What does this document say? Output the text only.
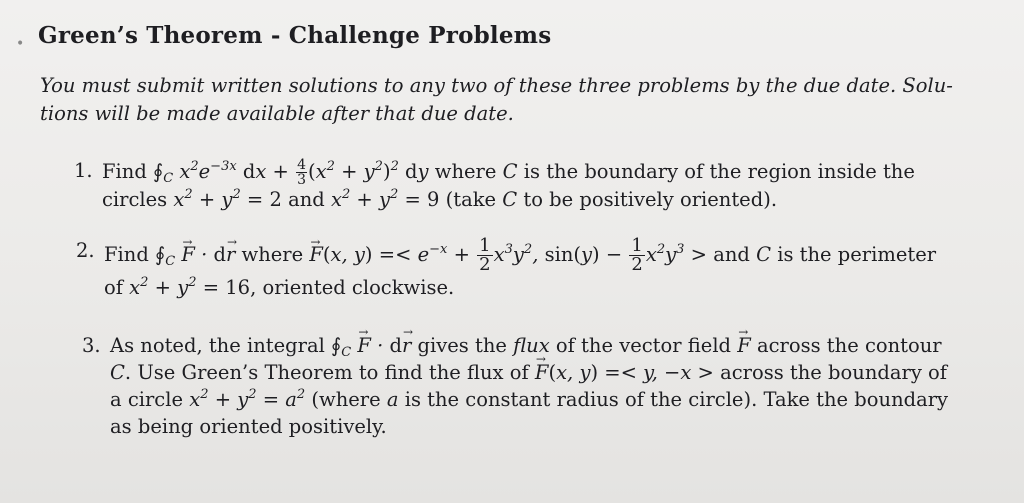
• Green’s Theorem - Challenge Problems
You must submit written solutions to any two of these three problems by the due date. Solu-
tions will be made available after that due date.
1. Find $∮_C$ $x^2e^{-3x}$ dx + $\frac{4}{3} (x^2 + y^2)^2$ dy where C is the boundary of the region inside the
circles $x^2 + y^2 = 2$ and $x^2 + y^2 = 9$ (take C to be positively oriented).
2. Find $∮_C \to F \cdot d\to r$ where → F(x, $y) =< e^{-x} + \frac{1}{2} x^3y^2$, $\sin(y) - \frac{1}{2} x^2y^3$ > and C is the perimeter
of $x^2 + y^2 = 16$, oriented clockwise.
3. As noted, the integral $∮_C \to F \cdot d\to r$ gives the flux of the vector field → F across the contour
C. Use Green’s Theorem to find the flux of → F(x, y) =< y, −x > across the boundary of
a circle $x^2 + y^2 = a^2$ (where a is the constant radius of the circle). Take the boundary
as being oriented positively.
